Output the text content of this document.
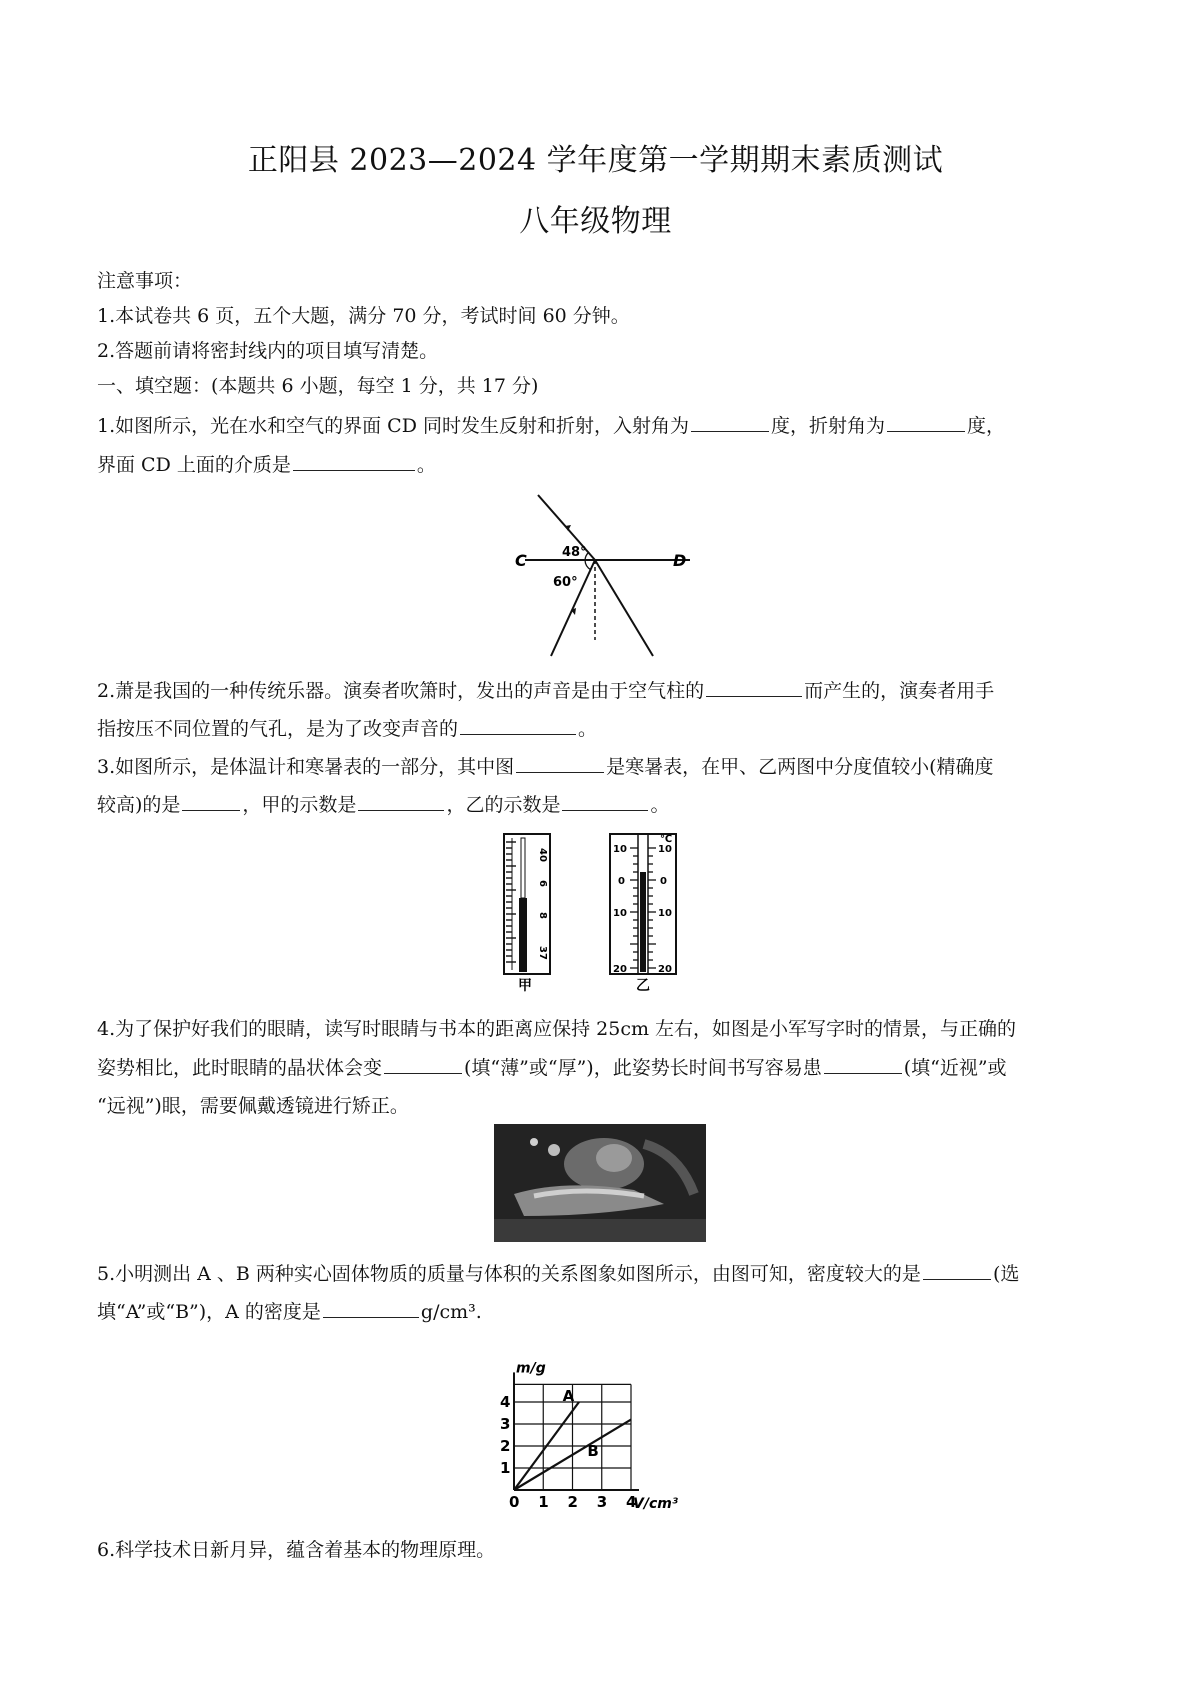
正阳县 2023—2024 学年度第一学期期末素质测试
八年级物理
注意事项：
1.本试卷共 6 页，五个大题，满分 70 分，考试时间 60 分钟。
2.答题前请将密封线内的项目填写清楚。
一、填空题：(本题共 6 小题，每空 1 分，共 17 分)
1.如图所示，光在水和空气的界面 CD 同时发生反射和折射，入射角为	度，折射角为	度，
界面 CD 上面的介质是	。
C	D
48°
60°
2.萧是我国的一种传统乐器。演奏者吹箫时，发出的声音是由于空气柱的	而产生的，演奏者用手
指按压不同位置的气孔，是为了改变声音的	。
3.如图所示，是体温计和寒暑表的一部分，其中图	是寒暑表，在甲、乙两图中分度值较小(精确度
较高)的是	，甲的示数是	，乙的示数是	。
40
6
8
37
甲
10
0
10
20
10
0
10
20
℃
乙
4.为了保护好我们的眼睛，读写时眼睛与书本的距离应保持 25cm 左右，如图是小军写字时的情景，与正确的
姿势相比，此时眼睛的晶状体会变	(填“薄”或“厚”)，此姿势长时间书写容易患	(填“近视”或
“远视”)眼，需要佩戴透镜进行矫正。
5.小明测出 A 、B 两种实心固体物质的质量与体积的关系图象如图所示，由图可知，密度较大的是	(选
填“A”或“B”)，A 的密度是	g/cm³.
0 1 2 3 4
1
2
3
4
V/cm³
m/g
A
B
6.科学技术日新月异，蕴含着基本的物理原理。
